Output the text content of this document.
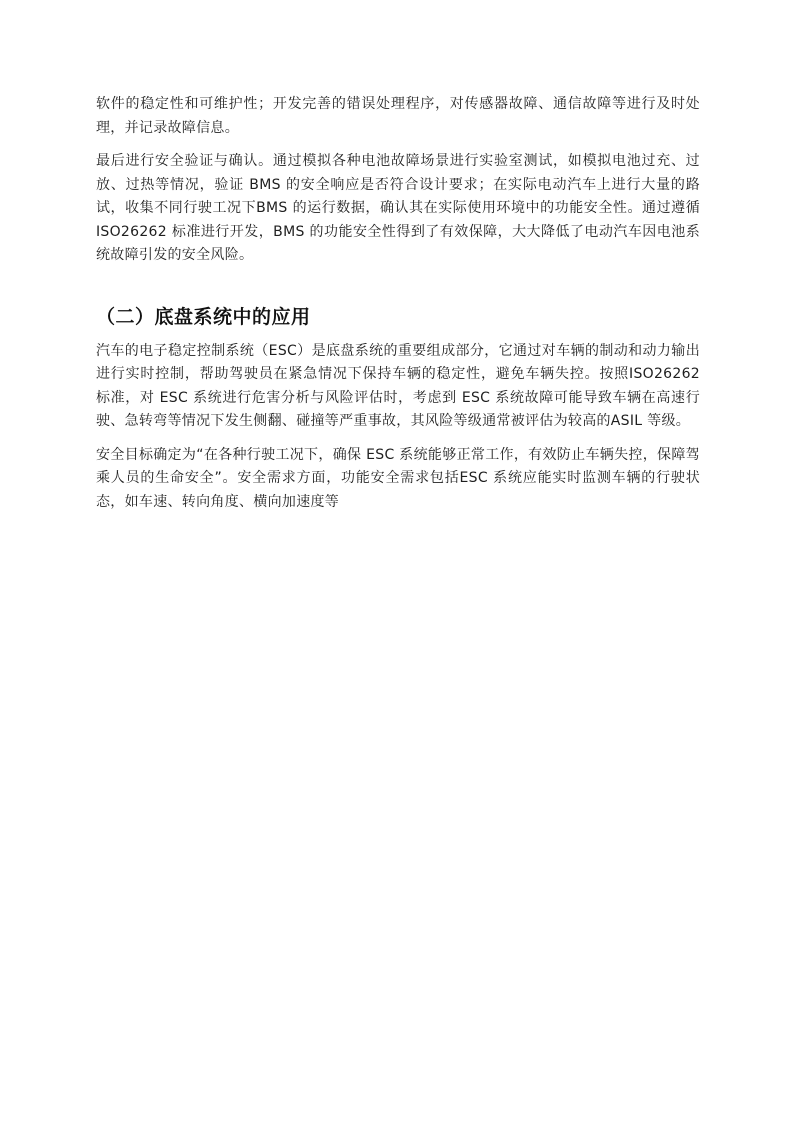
软件的稳定性和可维护性；开发完善的错误处理程序，对传感器故障、通信故障等进行及时处理，并记录故障信息。

最后进行安全验证与确认。通过模拟各种电池故障场景进行实验室测试，如模拟电池过充、过放、过热等情况，验证 BMS 的安全响应是否符合设计要求；在实际电动汽车上进行大量的路试，收集不同行驶工况下BMS 的运行数据，确认其在实际使用环境中的功能安全性。通过遵循 ISO26262 标准进行开发，BMS 的功能安全性得到了有效保障，大大降低了电动汽车因电池系统故障引发的安全风险。

（二）底盘系统中的应用

汽车的电子稳定控制系统（ESC）是底盘系统的重要组成部分，它通过对车辆的制动和动力输出进行实时控制，帮助驾驶员在紧急情况下保持车辆的稳定性，避免车辆失控。按照ISO26262 标准，对 ESC 系统进行危害分析与风险评估时，考虑到 ESC 系统故障可能导致车辆在高速行驶、急转弯等情况下发生侧翻、碰撞等严重事故，其风险等级通常被评估为较高的ASIL 等级。

安全目标确定为“在各种行驶工况下，确保 ESC 系统能够正常工作，有效防止车辆失控，保障驾乘人员的生命安全”。安全需求方面，功能安全需求包括ESC 系统应能实时监测车辆的行驶状态，如车速、转向角度、横向加速度等
